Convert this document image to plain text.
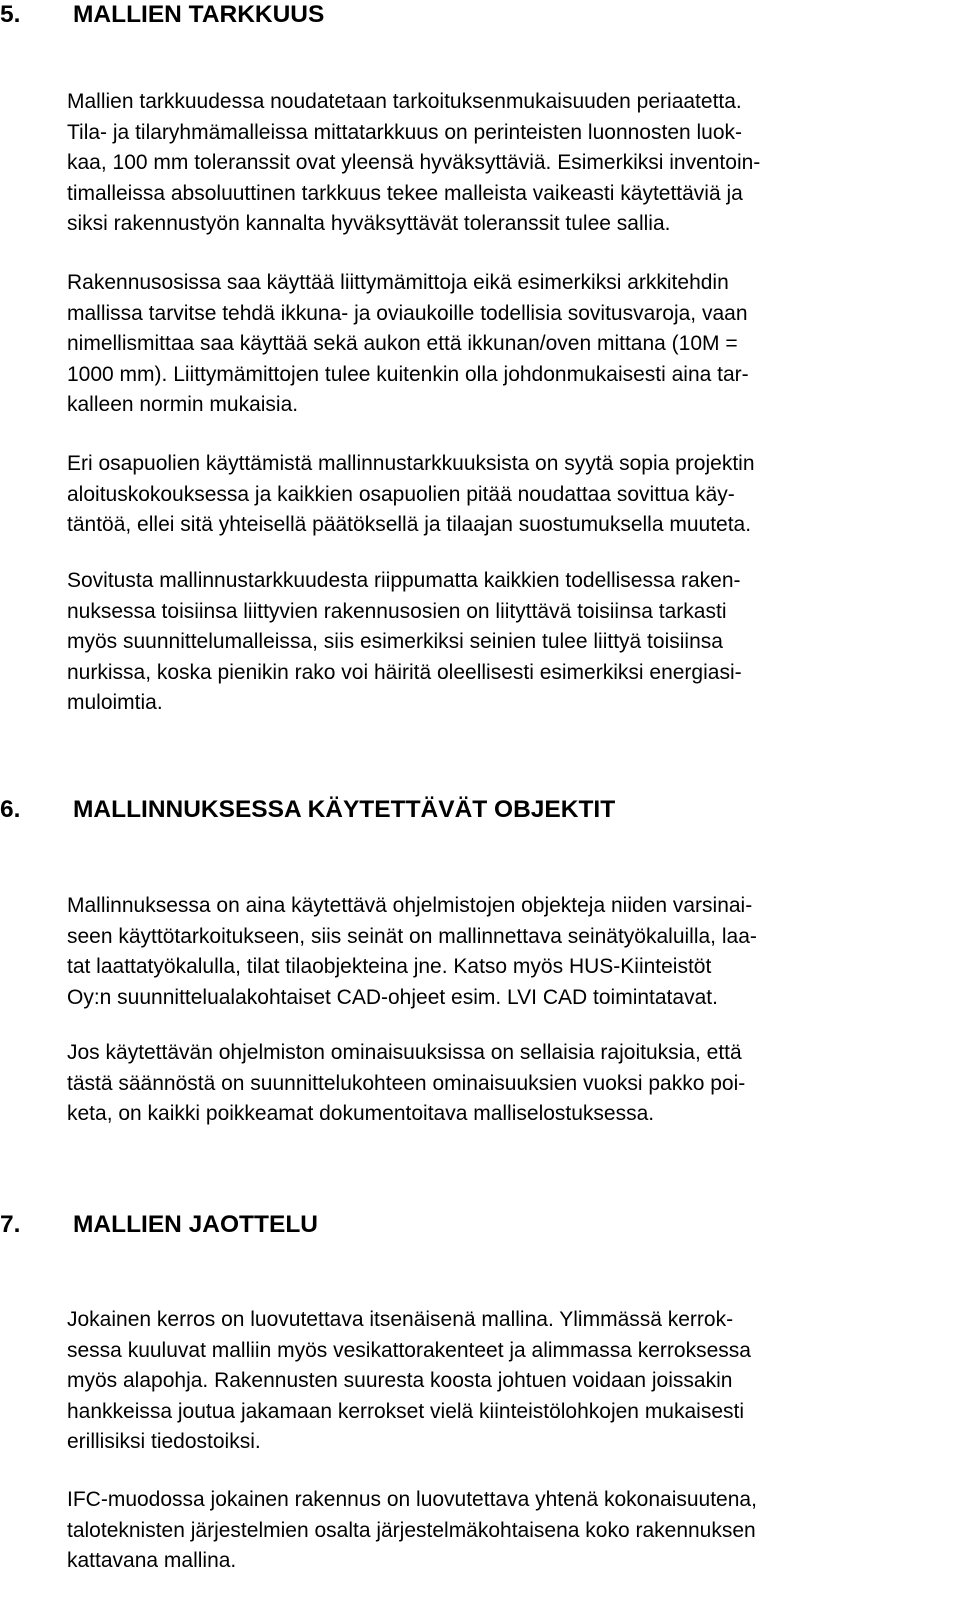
5. MALLIEN TARKKUUS

Mallien tarkkuudessa noudatetaan tarkoituksenmukaisuuden periaatetta.
Tila- ja tilaryhmämalleissa mittatarkkuus on perinteisten luonnosten luok-
kaa, 100 mm toleranssit ovat yleensä hyväksyttäviä. Esimerkiksi inventoin-
timalleissa absoluuttinen tarkkuus tekee malleista vaikeasti käytettäviä ja
siksi rakennustyön kannalta hyväksyttävät toleranssit tulee sallia.

Rakennusosissa saa käyttää liittymämittoja eikä esimerkiksi arkkitehdin
mallissa tarvitse tehdä ikkuna- ja oviaukoille todellisia sovitusvaroja, vaan
nimellismittaa saa käyttää sekä aukon että ikkunan/oven mittana (10M =
1000 mm). Liittymämittojen tulee kuitenkin olla johdonmukaisesti aina tar-
kalleen normin mukaisia.

Eri osapuolien käyttämistä mallinnustarkkuuksista on syytä sopia projektin
aloituskokouksessa ja kaikkien osapuolien pitää noudattaa sovittua käy-
täntöä, ellei sitä yhteisellä päätöksellä ja tilaajan suostumuksella muuteta.

Sovitusta mallinnustarkkuudesta riippumatta kaikkien todellisessa raken-
nuksessa toisiinsa liittyvien rakennusosien on liityttävä toisiinsa tarkasti
myös suunnittelumalleissa, siis esimerkiksi seinien tulee liittyä toisiinsa
nurkissa, koska pienikin rako voi häiritä oleellisesti esimerkiksi energiasi-
muloimtia.

6. MALLINNUKSESSA KÄYTETTÄVÄT OBJEKTIT

Mallinnuksessa on aina käytettävä ohjelmistojen objekteja niiden varsinai-
seen käyttötarkoitukseen, siis seinät on mallinnettava seinätyökaluilla, laa-
tat laattatyökalulla, tilat tilaobjekteina jne. Katso myös HUS-Kiinteistöt
Oy:n suunnittelualakohtaiset CAD-ohjeet esim. LVI CAD toimintatavat.

Jos käytettävän ohjelmiston ominaisuuksissa on sellaisia rajoituksia, että
tästä säännöstä on suunnittelukohteen ominaisuuksien vuoksi pakko poi-
keta, on kaikki poikkeamat dokumentoitava malliselostuksessa.

7. MALLIEN JAOTTELU

Jokainen kerros on luovutettava itsenäisenä mallina. Ylimmässä kerrok-
sessa kuuluvat malliin myös vesikattorakenteet ja alimmassa kerroksessa
myös alapohja. Rakennusten suuresta koosta johtuen voidaan joissakin
hankkeissa joutua jakamaan kerrokset vielä kiinteistölohkojen mukaisesti
erillisiksi tiedostoiksi.

IFC-muodossa jokainen rakennus on luovutettava yhtenä kokonaisuutena,
taloteknisten järjestelmien osalta järjestelmäkohtaisena koko rakennuksen
kattavana mallina.
